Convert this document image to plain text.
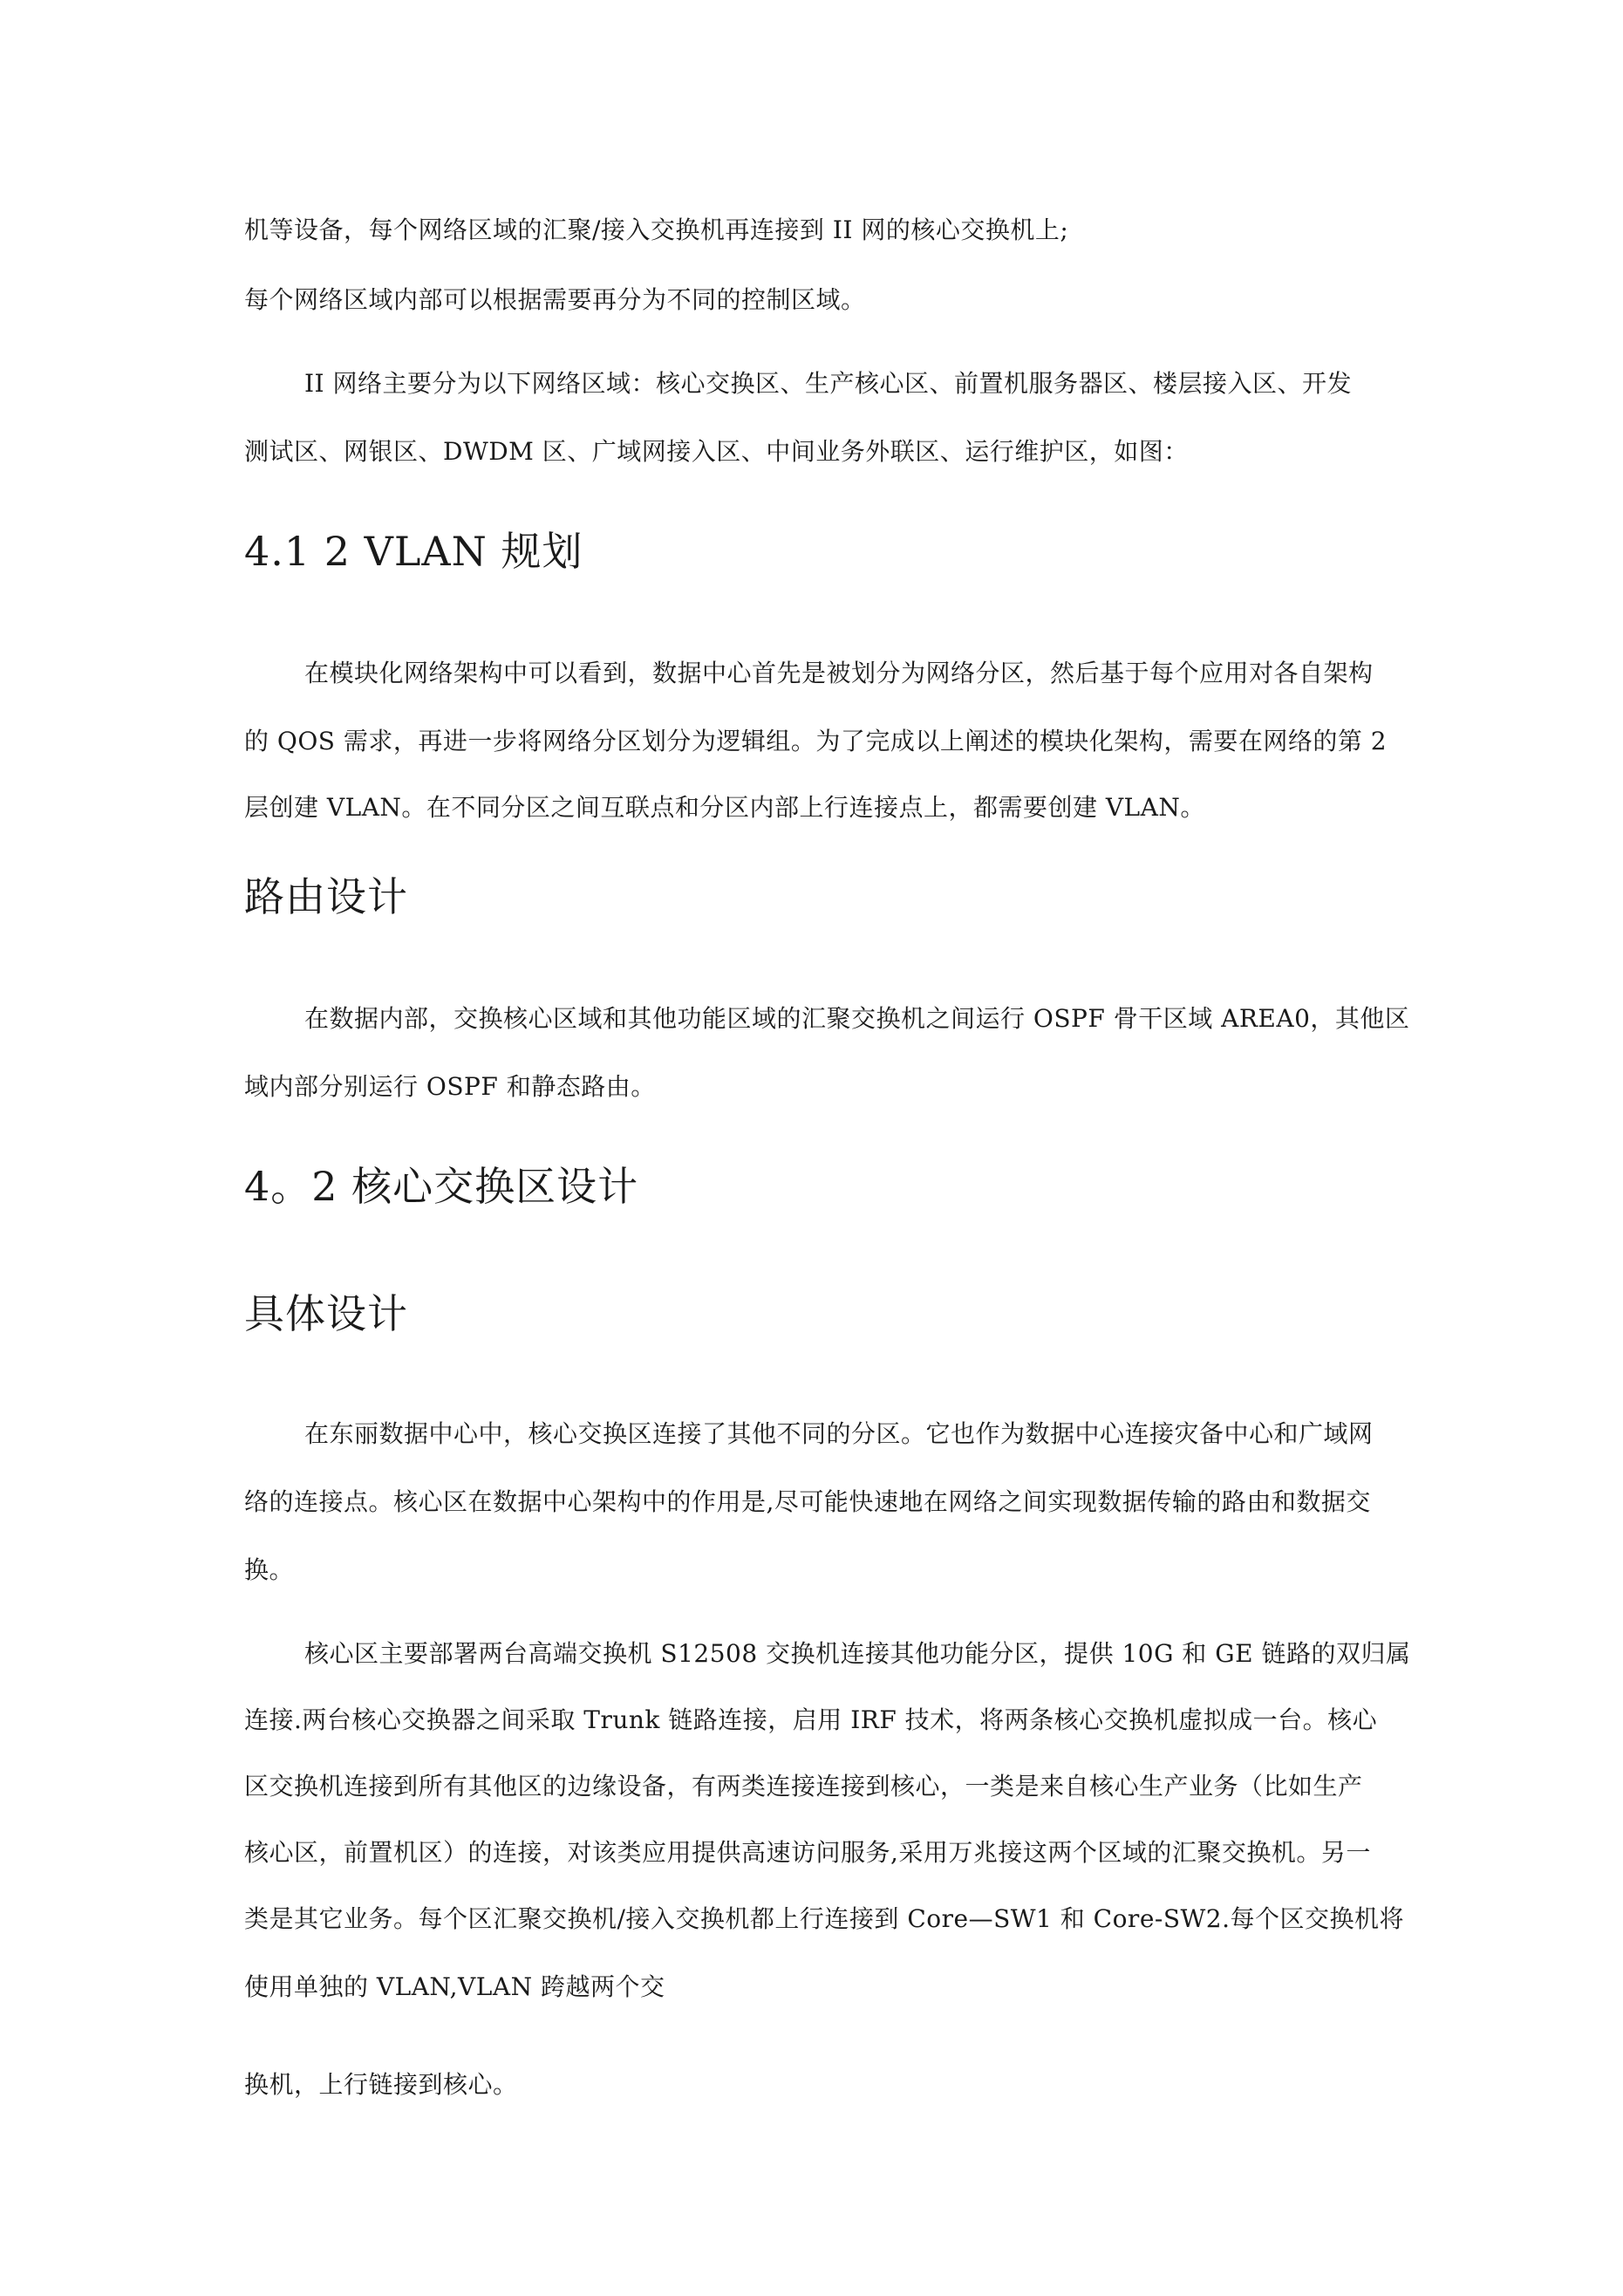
机等设备，每个网络区域的汇聚/接入交换机再连接到 II 网的核心交换机上;
每个网络区域内部可以根据需要再分为不同的控制区域。
II 网络主要分为以下网络区域：核心交换区、生产核心区、前置机服务器区、楼层接入区、开发
测试区、网银区、DWDM 区、广域网接入区、中间业务外联区、运行维护区，如图：
4.1 2 VLAN 规划
在模块化网络架构中可以看到，数据中心首先是被划分为网络分区，然后基于每个应用对各自架构
的 QOS 需求，再进一步将网络分区划分为逻辑组。为了完成以上阐述的模块化架构，需要在网络的第 2
层创建 VLAN。在不同分区之间互联点和分区内部上行连接点上，都需要创建 VLAN。
路由设计
在数据内部，交换核心区域和其他功能区域的汇聚交换机之间运行 OSPF 骨干区域 AREA0，其他区
域内部分别运行 OSPF 和静态路由。
4。2 核心交换区设计
具体设计
在东丽数据中心中，核心交换区连接了其他不同的分区。它也作为数据中心连接灾备中心和广域网
络的连接点。核心区在数据中心架构中的作用是,尽可能快速地在网络之间实现数据传输的路由和数据交
换。
核心区主要部署两台高端交换机 S12508 交换机连接其他功能分区，提供 10G 和 GE 链路的双归属
连接.两台核心交换器之间采取 Trunk 链路连接，启用 IRF 技术，将两条核心交换机虚拟成一台。核心
区交换机连接到所有其他区的边缘设备，有两类连接连接到核心，一类是来自核心生产业务（比如生产
核心区，前置机区）的连接，对该类应用提供高速访问服务,采用万兆接这两个区域的汇聚交换机。另一
类是其它业务。每个区汇聚交换机/接入交换机都上行连接到 Core—SW1 和 Core-SW2.每个区交换机将
使用单独的 VLAN,VLAN 跨越两个交
换机，上行链接到核心。
